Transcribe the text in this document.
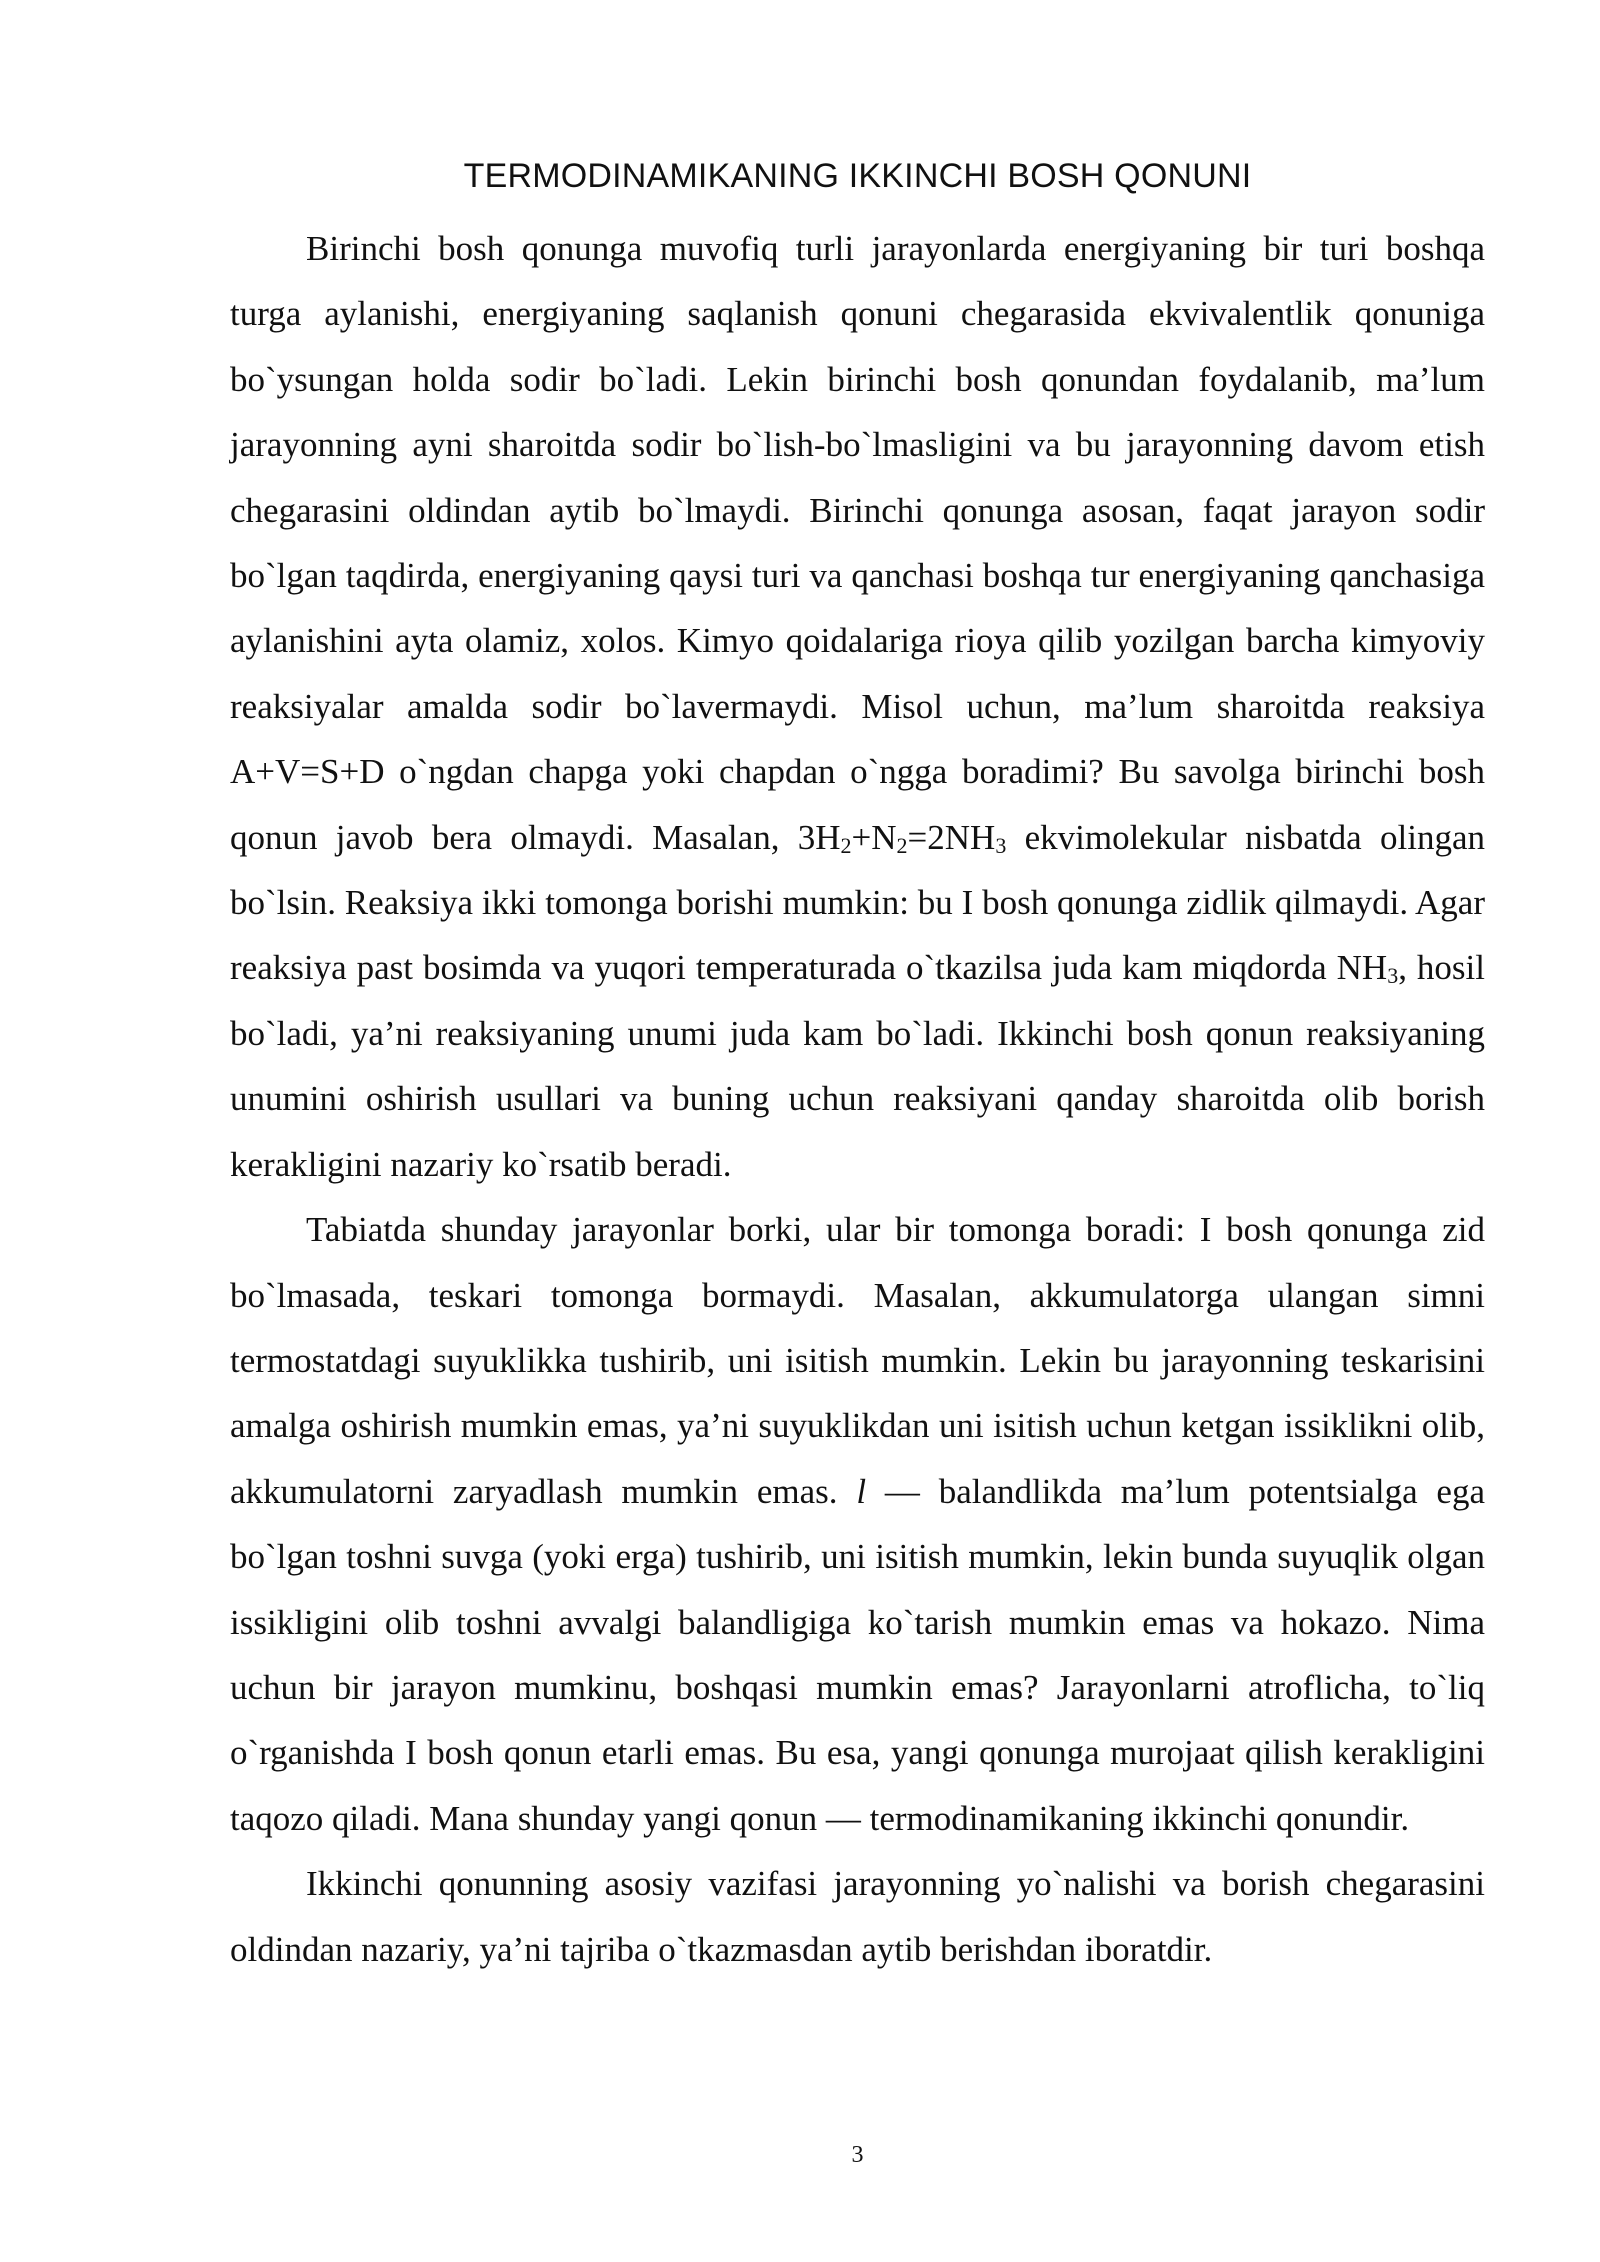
TERMODINAMIKANING IKKINCHI BOSH QONUNI

Birinchi bosh qonunga muvofiq turli jarayonlarda energiyaning bir turi boshqa turga aylanishi, energiyaning saqlanish qonuni chegarasida ekvivalentlik qonuniga bo`ysungan holda sodir bo`ladi. Lekin birinchi bosh qonundan foydalanib, ma’lum jarayonning ayni sharoitda sodir bo`lish-bo`lmasligini va bu jarayonning davom etish chegarasini oldindan aytib bo`lmaydi. Birinchi qonunga asosan, faqat jarayon sodir bo`lgan taqdirda, energiyaning qaysi turi va qanchasi boshqa tur energiyaning qanchasiga aylanishini ayta olamiz, xolos. Kimyo qoidalariga rioya qilib yozilgan barcha kimyoviy reaksiyalar amalda sodir bo`lavermaydi. Misol uchun, ma’lum sharoitda reaksiya A+V=S+D o`ngdan chapga yoki chapdan o`ngga boradimi? Bu savolga birinchi bosh qonun javob bera olmaydi. Masalan, $3H_2+N_2=2NH_3$ ekvimolekular nisbatda olingan bo`lsin. Reaksiya ikki tomonga borishi mumkin: bu I bosh qonunga zidlik qilmaydi. Agar reaksiya past bosimda va yuqori temperaturada o`tkazilsa juda kam miqdorda $NH_3$, hosil bo`ladi, ya’ni reaksiyaning unumi juda kam bo`ladi. Ikkinchi bosh qonun reaksiyaning unumini oshirish usullari va buning uchun reaksiyani qanday sharoitda olib borish kerakligini nazariy ko`rsatib beradi.

Tabiatda shunday jarayonlar borki, ular bir tomonga boradi: I bosh qonunga zid bo`lmasada, teskari tomonga bormaydi. Masalan, akkumulatorga ulangan simni termostatdagi suyuklikka tushirib, uni isitish mumkin. Lekin bu jarayonning teskarisini amalga oshirish mumkin emas, ya’ni suyuklikdan uni isitish uchun ketgan issiklikni olib, akkumulatorni zaryadlash mumkin emas. l — balandlikda ma’lum potentsialga ega bo`lgan toshni suvga (yoki erga) tushirib, uni isitish mumkin, lekin bunda suyuqlik olgan issikligini olib toshni avvalgi balandligiga ko`tarish mumkin emas va hokazo. Nima uchun bir jarayon mumkinu, boshqasi mumkin emas? Jarayonlarni atroflicha, to`liq o`rganishda I bosh qonun etarli emas. Bu esa, yangi qonunga murojaat qilish kerakligini taqozo qiladi. Mana shunday yangi qonun — termodinamikaning ikkinchi qonundir.

Ikkinchi qonunning asosiy vazifasi jarayonning yo`nalishi va borish chegarasini oldindan nazariy, ya’ni tajriba o`tkazmasdan aytib berishdan iboratdir.

3
